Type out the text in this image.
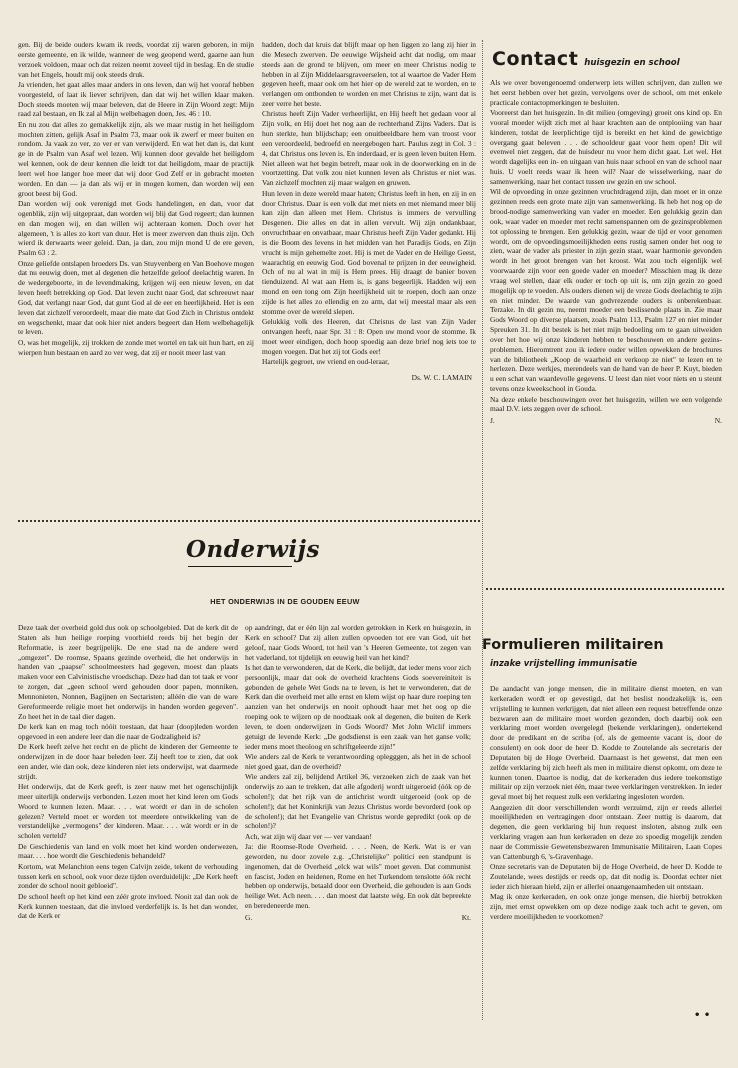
gen. Bij de beide ouders kwam ik reeds, voordat zij waren geboren, in mijn eerste gemeente, en ik wilde, wanneer de weg geopend werd, gaarne aan hun verzoek voldoen, maar och dat reizen neemt zoveel tijd in beslag. En de studie van het Engels, houdt mij ook steeds druk.

Ja vrienden, het gaat alles maar anders in ons leven, dan wij het vooraf hebben voorgesteld, of laat ik liever schrijven, dan dat wij het willen klaar maken. Doch steeds moeten wij maar beleven, dat de Heere in Zijn Woord zegt: Mijn raad zal bestaan, en Ik zal al Mijn welbehagen doen, Jes. 46 : 10.

En nu zou dat alles zo gemakkelijk zijn, als we maar rustig in het heiligdom mochten zitten, gelijk Asaf in Psalm 73, maar ook ik zwerf er meer buiten en rondom. Ja vaak zo ver, zo ver er van verwijderd. En wat het dan is, dat kunt ge in de Psalm van Asaf wel lezen. Wij kunnen door gevalde het heiligdom wel kennen, ook de deur kennen die leidt tot dat heiligdom, maar de practijk leert wel hoe langer hoe meer dat wij door God Zelf er in gebracht moeten worden. En dan — ja dan als wij er in mogen komen, dan worden wij een groot beest bij God.

Dan worden wij ook verenigd met Gods handelingen, en dan, voor dat ogenblik, zijn wij uitgepraat, dan worden wij blij dat God regeert; dan kunnen en dan mogen wij, en dan willen wij achteraan komen. Doch over het algemeen, 't is alles zo kort van duur. Het is meer zwerven dan thuis zijn. Och wierd ik derwaarts weer geleid. Dan, ja dan, zou mijn mond U de ere geven, Psalm 63 : 2.

Onze geliefde ontslapen broeders Ds. van Stuyvenberg en Van Boehove mogen dat nu eeuwig doen, met al degenen die hetzelfde geloof deelachtig waren. In de wedergeboorte, in de levendmaking, krijgen wij een nieuw leven, en dat leven heeft betrekking op God. Dat leven zucht naar God, dat schreeuwt naar God, dat verlangt naar God, dat gunt God al de eer en heerlijkheid. Het is een leven dat zichzelf veroordeelt, maar die mate dat God Zich in Christus ontdekt en wegschenkt, maar dat ook hier niet anders begeert dan Hem welbehagelijk te leven.

O, was het mogelijk, zij trokken de zonde met wortel en tak uit hun hart, en zij wierpen hun bestaan en aard zo ver weg, dat zij er nooit meer last van

hadden, doch dat kruis dat blijft maar op hen liggen zo lang zij hier in die Mesech zwerven. De eeuwige Wijsheid acht dat nodig, om maar steeds aan de grond te blijven, om meer en meer Christus nodig te hebben in al Zijn Middelaarsgraveerselen, tot al waartoe de Vader Hem gegeven heeft, maar ook om het hier op de wereld zat te worden, en te verlangen om ontbonden te worden en met Christus te zijn, want dat is zeer verre het beste.

Christus heeft Zijn Vader verheerlijkt, en Hij heeft het gedaan voor al Zijn volk, en Hij doet het nog aan de rechterhand Zijns Vaders. Dat is hun sterkte, hun blijdschap; een onuitbeeldbare hem van troost voor een veroordeeld, bedroefd en neergebogen hart. Paulus zegt in Col. 3 : 4, dat Christus ons leven is. En inderdaad, er is geen leven buiten Hem. Niet alleen wat het begin betreft, maar ook in de doorwerking en in de voortzetting. Dat volk zou niet kunnen leven als Christus er niet was. Van zichzelf mochten zij maar walgen en gruwen.

Hun leven in deze wereld maar haten; Christus leeft in hen, en zij in en door Christus. Daar is een volk dat met niets en met niemand meer blij kan zijn dan alleen met Hem. Christus is immers de vervulling Desgenen. Die alles en dat in allen vervult. Wij zijn ondankbaar, onvruchtbaar en onvatbaar, maar Christus heeft Zijn Vader gedankt. Hij is die Boom des levens in het midden van het Paradijs Gods, en Zijn vrucht is mijn gehemelte zoet. Hij is met de Vader en de Heilige Geest, waarachtig en eeuwig God. God bovenal te prijzen in der eeuwigheid. Och of nu al wat in mij is Hem prees. Hij draagt de banier boven tienduizend. Al wat aan Hem is, is gans begeerlijk. Hadden wij een mond en een tong om Zijn heerlijkheid uit te roepen, doch aan onze zijde is het alles zo ellendig en zo arm, dat wij meestal maar als een stomme over de wereld slepen.

Gelukkig volk des Heeren, dat Christus de last van Zijn Vader ontvangen heeft, naar Spr. 31 : 8: Open uw mond voor de stomme. Ik moet weer eindigen, doch hoop spoedig aan deze brief nog iets toe te mogen voegen. Dat het zij tot Gods eer!

Hartelijk gegroet, uw vriend en oud-leraar,

Ds. W. C. LAMAIN
Contact huisgezin en school

Als we over bovengenoemd onderwerp iets willen schrijven, dan zullen we het eerst hebben over het gezin, vervolgens over de school, om met enkele practicale contactopmerkingen te besluiten.

Vooreerst dan het huisgezin. In dit milieu (omgeving) groeit ons kind op. En vooral moeder wijdt zich met al haar krachten aan de ontplooiing van haar kinderen, totdat de leerplichtige tijd is bereikt en het kind de gewichtige overgang gaat beleven . . . de schooldeur gaat voor hem open! Dit wil evenwel niet zeggen, dat de huisdeur nu voor hem dicht gaat. Let wel. Het wordt dagelijks een in- en uitgaan van huis naar school en van de school naar huis. U voelt reeds waar ik heen wil? Naar de wisselwerking, naar de samenwerking, naar het contact tussen uw gezin en uw school.

Wil de opvoeding in onze gezinnen vruchtdragend zijn, dan moet er in onze gezinnen reeds een grote mate zijn van samenwerking. Ik heb het nog op de brood-nodige samenwerking van vader en moeder. Een gelukkig gezin dan ook, waar vader en moeder met recht samenspannen om de gezinsproblemen tot oplossing te brengen. Een gelukkig gezin, waar de tijd er voor genomen wordt, om de opvoedingsmoeilijkheden eens rustig samen onder het oog te zien, waar de vader als priester in zijn gezin staat, waar harmonie gevonden wordt in het groot brengen van het kroost. Wat zou toch eigenlijk wel voorwaarde zijn voor een goede vader en moeder? Misschien mag ik deze vraag wel stellen, daar elk ouder er toch op uit is, om zijn gezin zo goed mogelijk op te voeden. Als ouders dienen wij de vreze Gods deelachtig te zijn en niet minder. De waarde van godvrezende ouders is onberekenbaar. Terzake. In dit gezin nu, neemt moeder een beslissende plaats in. Zie maar Gods Woord op diverse plaatsen, zoals Psalm 113, Psalm 127 en niet minder Spreuken 31. In dit bestek is het niet mijn bedoeling om te gaan uitweiden over het hoe wij onze kinderen hebben te beschouwen en andere gezins-problemen. Hieromtrent zou ik iedere ouder willen opwekken de brochures van de bibliotheek „Koop de waarheid en verkoop ze niet" te lezen en te herlezen. Deze werkjes, merendeels van de hand van de heer P. Kuyt, bieden u een schat van waardevolle gegevens. U leest dan niet voor niets en u steunt tevens onze kweekschool in Gouda.

Na deze enkele beschouwingen over het huisgezin, willen we een volgende maal D.V. iets zeggen over de school.

J.	N.
Onderwijs
HET ONDERWIJS IN DE GOUDEN EEUW

Deze taak der overheid gold dus ook op schoolgebied. Dat de kerk dit de Staten als hun heilige roeping voorhield reeds bij het begin der Reformatie, is zeer begrijpelijk. De ene stad na de andere werd „omgezet". De roomse, Spaans gezinde overheid, die het onderwijs in handen van „paapse" schoolmeesters had gegeven, moest dan plaats maken voor een Calvinistische vroedschap. Deze had dan tot taak er voor te zorgen, dat „geen school werd gehouden door papen, monniken, Mennonieten, Nonnen, Bagijnen en Sectaristen; alléén die van de ware Gereformeerde religie moet het onderwijs in handen worden gegeven". Zo heet het in de taal dier dagen.

De kerk kan en mag toch nóóit toestaan, dat haar (doop)leden worden opgevoed in een andere leer dan die naar de Godzaligheid is?

De Kerk heeft zelve het recht en de plicht de kinderen der Gemeente te onderwijzen in de door haar beleden leer. Zij heeft toe te zien, dat ook een ander, wie dan ook, deze kinderen niet iets onderwijst, wat daarmede strijdt.

Het onderwijs, dat de Kerk geeft, is zeer nauw met het ogenschijnlijk meer uiterlijk onderwijs verbonden. Lezen moet het kind leren om Gods Woord te kunnen lezen. Maar. . . . wat wordt er dan in de scholen gelezen? Verteld moet er worden tot meerdere ontwikkeling van de verstandelijke „vermogens" der kinderen. Maar. . . . wát wordt er in de scholen verteld?

De Geschiedenis van land en volk moet het kind worden onderwezen, maar. . . . hoe wordt die Geschiedenis behandeld?

Kortom, wat Melanchton eens tegen Calvijn zeide, tekent de verhouding tussen kerk en school, ook voor deze tijden overduidelijk: „De Kerk heeft zonder de school nooit gebloeid".

De school heeft op het kind een zéér grote invloed. Nooit zal dan ook de Kerk kunnen toestaan, dat die invloed verderfelijk is. Is het dan wonder, dat de Kerk er

op aandringt, dat er één lijn zal worden getrokken in Kerk en huisgezin, in Kerk en school? Dat zij allen zullen opvoeden tot ere van God, uit het geloof, naar Gods Woord, tot heil van 's Heeren Gemeente, tot zegen van het vaderland, tot tijdelijk en eeuwig heil van het kind?

Is het dan te verwonderen, dat de Kerk, die belijdt, dat ieder mens voor zich persoonlijk, maar dat ook de overheid krachtens Gods soevereiniteit is gebonden de gehele Wet Gods na te leven, is het te verwonderen, dat de Kerk dan die overheid met alle ernst en klem wijst op haar dure roeping ten aanzien van het onderwijs en nooit ophoudt haar met het oog op die roeping ook te wijzen op de noodzaak ook al degenen, die buiten de Kerk leven, te doen onderwijzen in Gods Woord? Met John Wiclif immers getuigt de levende Kerk: „De godsdienst is een zaak van het ganse volk; ieder mens moet theoloog en schriftgeleerde zijn!"

Wie anders zal de Kerk te verantwoording oplegggen, als het in de school niet goed gaat, dan de overheid?

Wie anders zal zij, belijdend Artikel 36, verzoeken zich de zaak van het onderwijs zo aan te trekken, dat alle afgoderij wordt uitgeroeid (óók op de scholen!); dat het rijk van de antichrist wordt uitgeroeid (ook op de scholen!); dat het Koninkrijk van Jezus Christus worde bevorderd (ook op de scholen!); dat het Evangelie van Christus worde gepredikt (ook op de scholen!)?

Ach, wat zijn wij daar ver — ver vandaan!

Ja: die Roomse-Rode Overheid. . . . Neen, de Kerk. Wat is er van geworden, nu door zovele z.g. „Christelijke" politici een standpunt is ingenomen, dat de Overheid „elck wat wils" moet geven. Dat communist en fascist, Joden en heidenen, Rome en het Turkendom tenslotte óók recht hebben op onderwijs, betaald door een Overheid, die gehouden is aan Gods heilige Wet. Ach neen. . . . dan moest dat laatste wèg. En ook dát bepreekte en beredeneerde men.

G.	Kt.
Formulieren militairen
inzake vrijstelling immunisatie

De aandacht van jonge mensen, die in militaire dienst moeten, en van kerkeraden wordt er op gevestigd, dat het beslist noodzakelijk is, een vrijstelling te kunnen verkrijgen, dat niet alleen een request betreffende onze bezwaren aan de militaire moet worden gezonden, doch daarbij ook een verklaring moet worden overgelegd (bekende verklaringen), ondertekend door de predikant en de scriba (of, als de gemeente vacant is, door de consulent) en ook door de heer D. Kodde te Zoutelande als secretaris der Deputaten bij de Hoge Overheid. Daarnaast is het gewenst, dat men een zelfde verklaring bij zich heeft als men in militaire dienst opkomt, om deze te kunnen tonen. Daartoe is nodig, dat de kerkeraden dus iedere toekomstige militair op zijn verzoek niet één, maar twee verklaringen verstrekken. In ieder geval moet bij het request zulk een verklaring ingesloten worden.

Aangezien dit door verschillenden wordt verzuimd, zijn er reeds allerlei moeilijkheden en vertragingen door ontstaan. Zeer nuttig is daarom, dat degenen, die geen verklaring bij hun request insloten, alsnog zulk een verklaring vragen aan hun kerkeraden en deze zo spoedig mogelijk zenden naar de Commissie Gewetensbezwaren Immunisatie Militairen, Laan Copes van Cattenburgh 6, 's-Gravenhage.

Onze secretaris van de Deputaten bij de Hoge Overheid, de heer D. Kodde te Zoutelande, wees destijds er reeds op, dat dit nodig is. Doordat echter niet ieder zich hieraan hield, zijn er allerlei onaangenaamheden uit ontstaan.

Mag ik onze kerkeraden, en ook onze jonge mensen, die hierbij betrokken zijn, met ernst opwekken om op deze nodige zaak toch acht te geven, om verdere moeilijkheden te voorkomen?

• •
